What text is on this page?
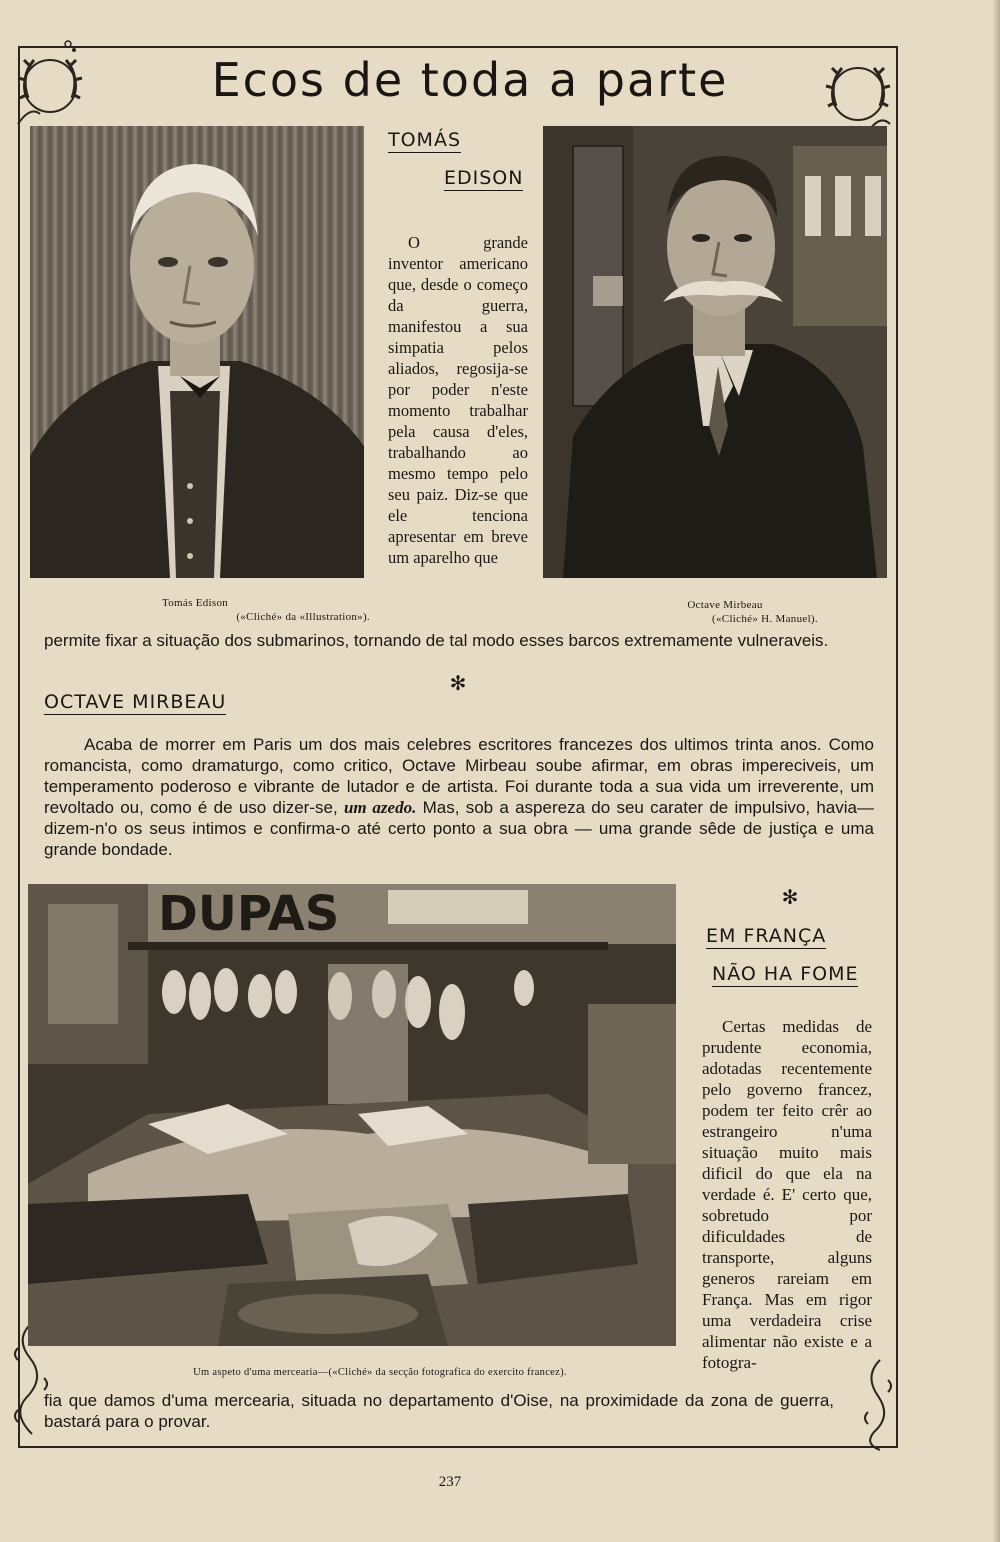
Ecos de toda a parte
Tomás Edison
(«Cliché» da «Illustration»).
TOMÁS
EDISON

O grande inventor americano que, desde o começo da guerra, manifestou a sua simpatia pelos aliados, regosija-se por poder n'este momento trabalhar pela causa d'eles, trabalhando ao mesmo tempo pelo seu paiz. Diz-se que ele tenciona apresentar em breve um aparelho que

Octave Mirbeau
(«Cliché» H. Manuel).

permite fixar a situação dos submarinos, tornando de tal modo esses barcos extremamente vulneraveis.

✻
OCTAVE MIRBEAU

Acaba de morrer em Paris um dos mais celebres escritores francezes dos ultimos trinta anos. Como romancista, como dramaturgo, como critico, Octave Mirbeau soube afirmar, em obras impereciveis, um temperamento poderoso e vibrante de lutador e de artista. Foi durante toda a sua vida um irreverente, um revoltado ou, como é de uso dizer-se, um azedo. Mas, sob a aspereza do seu carater de impulsivo, havia—dizem-n'o os seus intimos e confirma-o até certo ponto a sua obra — uma grande sêde de justiça e uma grande bondade.

DUPAS
Um aspeto d'uma mercearia—(«Cliché» da secção fotografica do exercito francez).
✻
EM FRANÇA
NÃO HA FOME

Certas medidas de prudente economia, adotadas recentemente pelo governo francez, podem ter feito crêr ao estrangeiro n'uma situação muito mais dificil do que ela na verdade é. E' certo que, sobretudo por dificuldades de transporte, alguns generos rareiam em França. Mas em rigor uma verdadeira crise alimentar não existe e a fotogra-

fia que damos d'uma mercearia, situada no departamento d'Oise, na proximidade da zona de guerra, bastará para o provar.

237
